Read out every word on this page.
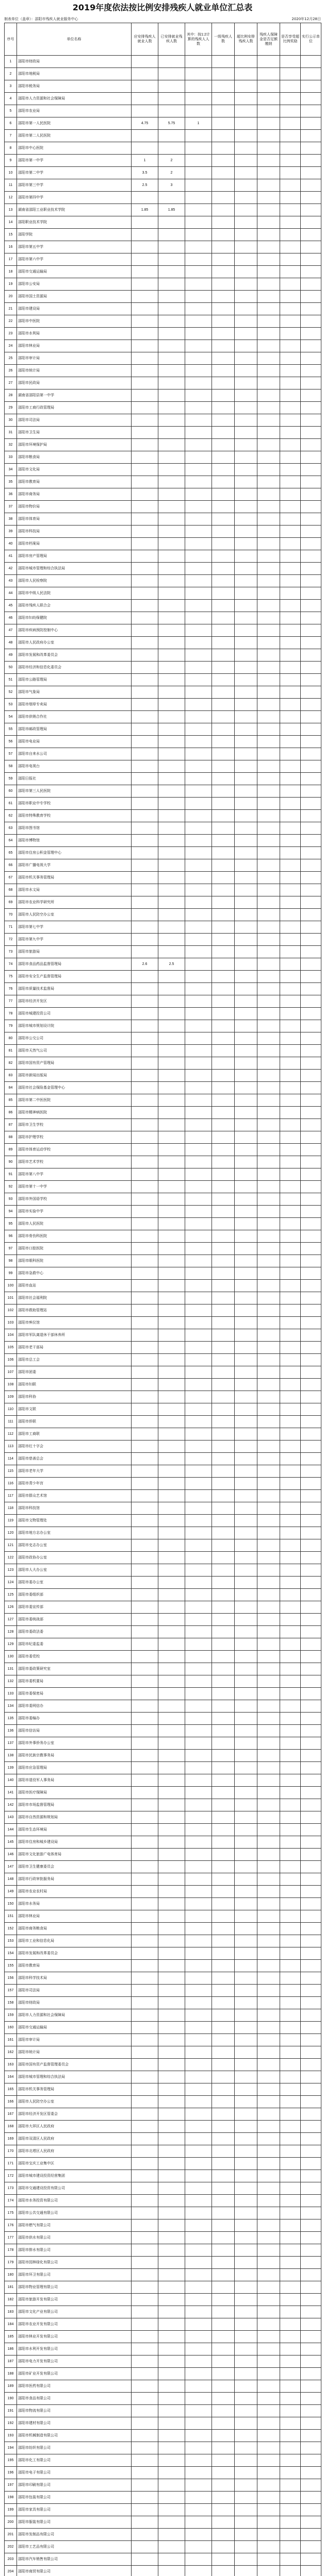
2019年度依法按比例安排残疾人就业单位汇总表
制表单位（盖章）：邵阳市残疾人就业服务中心	2020年12月28日
序号	单位名称	应安排残疾人就业人数	已安排就业残疾人数	其中：按1:2计算的残疾人人数	一级残疾人数	超比例安排残疾人数	残疾人保障金是否足额缴纳	是否享受超比例奖励	实行公示单位
1	邵阳市财政局								
2	邵阳市地税局								
3	邵阳市税务局								
4	邵阳市人力资源和社会保障局								
5	邵阳市农业局								
6	邵阳市第一人民医院	4.75	5.75	1					
7	邵阳市第二人民医院								
8	邵阳市中心医院								
9	邵阳市第一中学	1	2						
10	邵阳市第二中学	3.5	2						
11	邵阳市第三中学	2.5	3						
12	邵阳市第四中学								
13	湖南省邵阳工业职业技术学院	1.85	1.85						
14	邵阳职业技术学院								
15	邵阳学院								
16	邵阳市第五中学								
17	邵阳市第六中学								
18	邵阳市交通运输局								
19	邵阳市公安局								
20	邵阳市国土资源局								
21	邵阳市建设局								
22	邵阳市中医院								
23	邵阳市水利局								
24	邵阳市林业局								
25	邵阳市审计局								
26	邵阳市统计局								
27	邵阳市民政局								
28	湖南省邵阳县第一中学								
29	邵阳市工商行政管理局								
30	邵阳市司法局								
31	邵阳市卫生局								
32	邵阳市环境保护局								
33	邵阳市粮食局								
34	邵阳市文化局								
35	邵阳市教育局								
36	邵阳市商务局								
37	邵阳市物价局								
38	邵阳市体育局								
39	邵阳市科技局								
40	邵阳市档案局								
41	邵阳市房产管理局								
42	邵阳市城市管理和综合执法局								
43	邵阳市人民检察院								
44	邵阳市中级人民法院								
45	邵阳市残疾人联合会								
46	邵阳市妇幼保健院								
47	邵阳市疾病预防控制中心								
48	邵阳市人民政府办公室								
49	邵阳市发展和改革委员会								
50	邵阳市经济和信息化委员会								
51	邵阳市公路管理局								
52	邵阳市气象局								
53	邵阳市烟草专卖局								
54	邵阳市供销合作社								
55	邵阳市邮政管理局								
56	邵阳市电业局								
57	邵阳市自来水公司								
58	邵阳市电视台								
59	邵阳日报社								
60	邵阳市第三人民医院								
61	邵阳市职业中专学校								
62	邵阳市特殊教育学校								
63	邵阳市图书馆								
64	邵阳市博物馆								
65	邵阳市住房公积金管理中心								
66	邵阳市广播电视大学								
67	邵阳市机关事务管理局								
68	邵阳市水文局								
69	邵阳市农业科学研究所								
70	邵阳市人民防空办公室								
71	邵阳市第七中学								
72	邵阳市第九中学								
73	邵阳市旅游局								
74	邵阳市食品药品监督管理局	2.6	2.5						
75	邵阳市安全生产监督管理局								
76	邵阳市质量技术监督局								
77	邵阳市经济开发区								
78	邵阳市城建投资公司								
79	邵阳市城市规划设计院								
80	邵阳市公交公司								
81	邵阳市天然气公司								
82	邵阳市国有资产管理局								
83	邵阳市新闻出版局								
84	邵阳市社会保险基金管理中心								
85	邵阳市第二中医医院								
86	邵阳市精神病医院								
87	邵阳市卫生学校								
88	邵阳市护理学校								
89	邵阳市体育运动学校								
90	邵阳市艺术学校								
91	邵阳市第八中学								
92	邵阳市第十一中学								
93	邵阳市外国语学校								
94	邵阳市实验中学								
95	邵阳市人民医院								
96	邵阳市骨伤科医院								
97	邵阳市口腔医院								
98	邵阳市眼科医院								
99	邵阳市急救中心								
100	邵阳市血站								
101	邵阳市社会福利院								
102	邵阳市救助管理站								
103	邵阳市殡仪馆								
104	邵阳市军队离退休干部休养所								
105	邵阳市老干部局								
106	邵阳市总工会								
107	邵阳市团委								
108	邵阳市妇联								
109	邵阳市科协								
110	邵阳市文联								
111	邵阳市侨联								
112	邵阳市工商联								
113	邵阳市红十字会								
114	邵阳市慈善总会								
115	邵阳市老年大学								
116	邵阳市青少年宫								
117	邵阳市群众艺术馆								
118	邵阳市科技馆								
119	邵阳市文物管理处								
120	邵阳市地方志办公室								
121	邵阳市史志办公室								
122	邵阳市政协办公室								
123	邵阳市人大办公室								
124	邵阳市委办公室								
125	邵阳市委组织部								
126	邵阳市委宣传部								
127	邵阳市委统战部								
128	邵阳市委政法委								
129	邵阳市纪委监委								
130	邵阳市委党校								
131	邵阳市委政策研究室								
132	邵阳市委机要局								
133	邵阳市委保密局								
134	邵阳市委网信办								
135	邵阳市委编办								
136	邵阳市信访局								
137	邵阳市外事侨务办公室								
138	邵阳市民族宗教事务局								
139	邵阳市应急管理局								
140	邵阳市退役军人事务局								
141	邵阳市医疗保障局								
142	邵阳市市场监督管理局								
143	邵阳市自然资源和规划局								
144	邵阳市生态环境局								
145	邵阳市住房和城乡建设局								
146	邵阳市文化旅游广电体育局								
147	邵阳市卫生健康委员会								
148	邵阳市行政审批服务局								
149	邵阳市农业农村局								
150	邵阳市水务局								
151	邵阳市林业局								
152	邵阳市商务粮食局								
153	邵阳市工业和信息化局								
154	邵阳市发展和改革委员会								
155	邵阳市教育局								
156	邵阳市科学技术局								
157	邵阳市司法局								
158	邵阳市财政局								
159	邵阳市人力资源和社会保障局								
160	邵阳市交通运输局								
161	邵阳市审计局								
162	邵阳市统计局								
163	邵阳市国有资产监督管理委员会								
164	邵阳市城市管理和综合执法局								
165	邵阳市机关事务管理局								
166	邵阳市人民防空办公室								
167	邵阳市经济开发区管委会								
168	邵阳市大祥区人民政府								
169	邵阳市双清区人民政府								
170	邵阳市北塔区人民政府								
171	邵阳市宝庆工业集中区								
172	邵阳市城市建设投资经营集团								
173	邵阳市交通建设投资有限公司								
174	邵阳市水务投资有限公司								
175	邵阳市公共交通有限公司								
176	邵阳市燃气有限公司								
177	邵阳市供水有限公司								
178	邵阳市排水有限公司								
179	邵阳市园林绿化有限公司								
180	邵阳市环卫有限公司								
181	邵阳市物业管理有限公司								
182	邵阳市旅游开发有限公司								
183	邵阳市文化产业有限公司								
184	邵阳市农业开发有限公司								
185	邵阳市林业开发有限公司								
186	邵阳市水利开发有限公司								
187	邵阳市电力开发有限公司								
188	邵阳市矿业开发有限公司								
189	邵阳市医药有限公司								
190	邵阳市食品有限公司								
191	邵阳市物流有限公司								
192	邵阳市建材有限公司								
193	邵阳市机械制造有限公司								
194	邵阳市纺织有限公司								
195	邵阳市化工有限公司								
196	邵阳市电子有限公司								
197	邵阳市印刷有限公司								
198	邵阳市包装有限公司								
199	邵阳市家具有限公司								
200	邵阳市服装有限公司								
201	邵阳市发制品有限公司								
202	邵阳市工艺品有限公司								
203	邵阳市汽车销售有限公司								
204	邵阳市商贸有限公司								
